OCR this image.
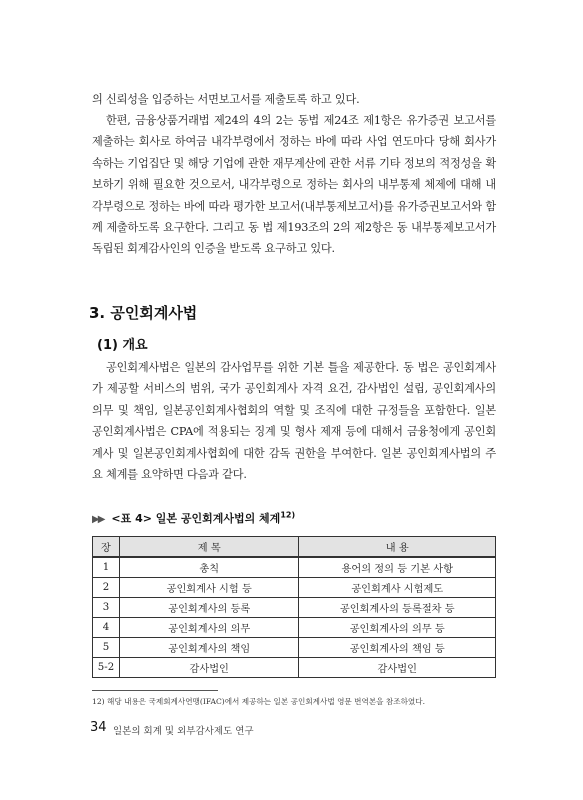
의 신뢰성을 입증하는 서면보고서를 제출토록 하고 있다.

한편, 금융상품거래법 제24의 4의 2는 동법 제24조 제1항은 유가증권 보고서를 제출하는 회사로 하여금 내각부령에서 정하는 바에 따라 사업 연도마다 당해 회사가 속하는 기업집단 및 해당 기업에 관한 재무계산에 관한 서류 기타 정보의 적정성을 확보하기 위해 필요한 것으로서, 내각부령으로 정하는 회사의 내부통제 체제에 대해 내각부령으로 정하는 바에 따라 평가한 보고서(내부통제보고서)를 유가증권보고서와 함께 제출하도록 요구한다. 그리고 동 법 제193조의 2의 제2항은 동 내부통제보고서가 독립된 회계감사인의 인증을 받도록 요구하고 있다.

3. 공인회계사법
(1) 개요

공인회계사법은 일본의 감사업무를 위한 기본 틀을 제공한다. 동 법은 공인회계사가 제공할 서비스의 범위, 국가 공인회계사 자격 요건, 감사법인 설립, 공인회계사의 의무 및 책임, 일본공인회계사협회의 역할 및 조직에 대한 규정들을 포함한다. 일본 공인회계사법은 CPA에 적용되는 징계 및 형사 제재 등에 대해서 금융청에게 공인회계사 및 일본공인회계사협회에 대한 감독 권한을 부여한다. 일본 공인회계사법의 주요 체계를 요약하면 다음과 같다.

▶▶ <표 4> 일본 공인회계사법의 체계$^{12)}$
장	제 목	내 용
1	총칙	용어의 정의 등 기본 사항
2	공인회계사 시험 등	공인회계사 시험제도
3	공인회계사의 등록	공인회계사의 등록절차 등
4	공인회계사의 의무	공인회계사의 의무 등
5	공인회계사의 책임	공인회계사의 책임 등
5-2	감사법인	감사법인
12) 해당 내용은 국제회계사연맹(IFAC)에서 제공하는 일본 공인회계사법 영문 번역본을 참조하였다.
34 일본의 회계 및 외부감사제도 연구
